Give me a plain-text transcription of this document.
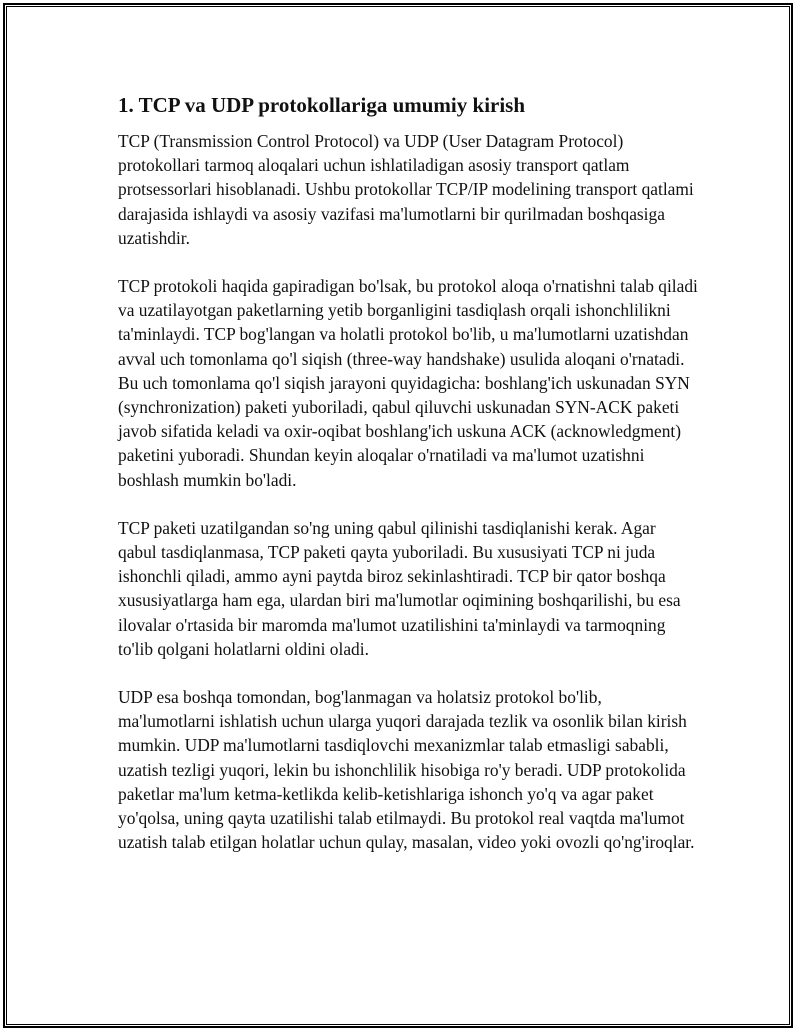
1. TCP va UDP protokollariga umumiy kirish

TCP (Transmission Control Protocol) va UDP (User Datagram Protocol) protokollari tarmoq aloqalari uchun ishlatiladigan asosiy transport qatlam protsessorlari hisoblanadi. Ushbu protokollar TCP/IP modelining transport qatlami darajasida ishlaydi va asosiy vazifasi ma'lumotlarni bir qurilmadan boshqasiga uzatishdir.

TCP protokoli haqida gapiradigan bo'lsak, bu protokol aloqa o'rnatishni talab qiladi va uzatilayotgan paketlarning yetib borganligini tasdiqlash orqali ishonchlilikni ta'minlaydi. TCP bog'langan va holatli protokol bo'lib, u ma'lumotlarni uzatishdan avval uch tomonlama qo'l siqish (three-way handshake) usulida aloqani o'rnatadi. Bu uch tomonlama qo'l siqish jarayoni quyidagicha: boshlang'ich uskunadan SYN (synchronization) paketi yuboriladi, qabul qiluvchi uskunadan SYN-ACK paketi javob sifatida keladi va oxir-oqibat boshlang'ich uskuna ACK (acknowledgment) paketini yuboradi. Shundan keyin aloqalar o'rnatiladi va ma'lumot uzatishni boshlash mumkin bo'ladi.

TCP paketi uzatilgandan so'ng uning qabul qilinishi tasdiqlanishi kerak. Agar qabul tasdiqlanmasa, TCP paketi qayta yuboriladi. Bu xususiyati TCP ni juda ishonchli qiladi, ammo ayni paytda biroz sekinlashtiradi. TCP bir qator boshqa xususiyatlarga ham ega, ulardan biri ma'lumotlar oqimining boshqarilishi, bu esa ilovalar o'rtasida bir maromda ma'lumot uzatilishini ta'minlaydi va tarmoqning to'lib qolgani holatlarni oldini oladi.

UDP esa boshqa tomondan, bog'lanmagan va holatsiz protokol bo'lib, ma'lumotlarni ishlatish uchun ularga yuqori darajada tezlik va osonlik bilan kirish mumkin. UDP ma'lumotlarni tasdiqlovchi mexanizmlar talab etmasligi sababli, uzatish tezligi yuqori, lekin bu ishonchlilik hisobiga ro'y beradi. UDP protokolida paketlar ma'lum ketma-ketlikda kelib-ketishlariga ishonch yo'q va agar paket yo'qolsa, uning qayta uzatilishi talab etilmaydi. Bu protokol real vaqtda ma'lumot uzatish talab etilgan holatlar uchun qulay, masalan, video yoki ovozli qo'ng'iroqlar.
